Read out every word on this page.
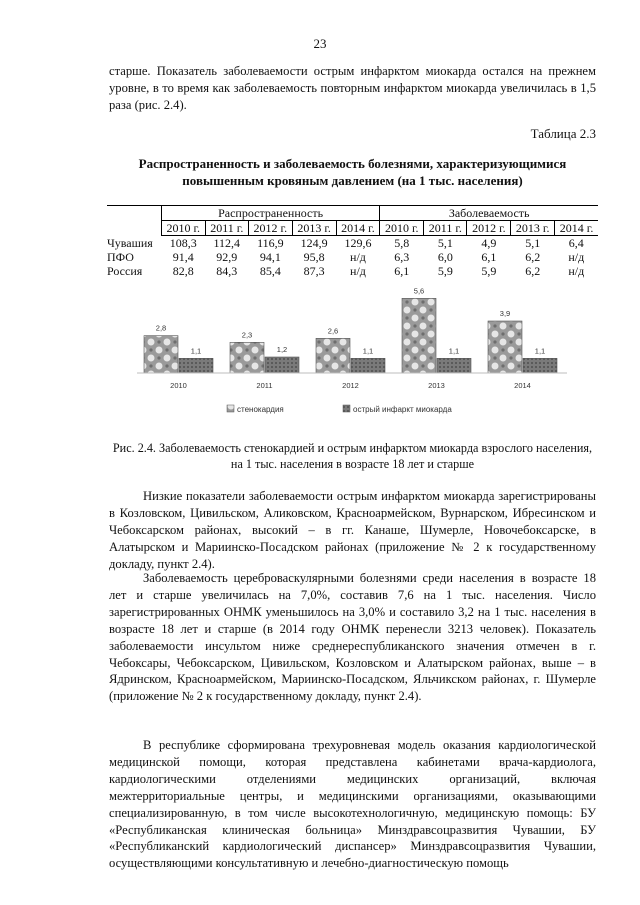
23

старше. Показатель заболеваемости острым инфарктом миокарда остался на прежнем уровне, в то время как заболеваемость повторным инфарктом миокарда увеличилась в 1,5 раза (рис. 2.4).

Таблица 2.3
Распространенность и заболеваемость болезнями, характеризующимися повышенным кровяным давлением (на 1 тыс. населения)
	Распространенность					Заболеваемость				
	2010 г.	2011 г.	2012 г.	2013 г.	2014 г.	2010 г.	2011 г.	2012 г.	2013 г.	2014 г.
Чувашия	108,3	112,4	116,9	124,9	129,6	5,8	5,1	4,9	5,1	6,4
ПФО	91,4	92,9	94,1	95,8	н/д	6,3	6,0	6,1	6,2	н/д
Россия	82,8	84,3	85,4	87,3	н/д	6,1	5,9	5,9	6,2	н/д
2,8
1,1
2,3
1,2
2,6
1,1
5,6
1,1
3,9
1,1
2010	2011	2012	2013	2014
стенокардия	острый инфаркт миокарда
Рис. 2.4. Заболеваемость стенокардией и острым инфарктом миокарда взрослого населения, на 1 тыс. населения в возрасте 18 лет и старше

Низкие показатели заболеваемости острым инфарктом миокарда зарегистрированы в Козловском, Цивильском, Аликовском, Красноармейском, Вурнарском, Ибресинском и Чебоксарском районах, высокий – в гг. Канаше, Шумерле, Новочебоксарске, в Алатырском и Мариинско-Посадском районах (приложение № 2 к государственному докладу, пункт 2.4).

Заболеваемость цереброваскулярными болезнями среди населения в возрасте 18 лет и старше увеличилась на 7,0%, составив 7,6 на 1 тыс. населения. Число зарегистрированных ОНМК уменьшилось на 3,0% и составило 3,2 на 1 тыс. населения в возрасте 18 лет и старше (в 2014 году ОНМК перенесли 3213 человек). Показатель заболеваемости инсультом ниже среднереспубликанского значения отмечен в г. Чебоксары, Чебоксарском, Цивильском, Козловском и Алатырском районах, выше – в Ядринском, Красноармейском, Мариинско-Посадском, Яльчикском районах, г. Шумерле (приложение № 2 к государственному докладу, пункт 2.4).

В республике сформирована трехуровневая модель оказания кардиологической медицинской помощи, которая представлена кабинетами врача-кардиолога, кардиологическими отделениями медицинских организаций, включая межтерриториальные центры, и медицинскими организациями, оказывающими специализированную, в том числе высокотехнологичную, медицинскую помощь: БУ «Республиканская клиническая больница» Минздравсоцразвития Чувашии, БУ «Республиканский кардиологический диспансер» Минздравсоцразвития Чувашии, осуществляющими консультативную и лечебно-диагностическую помощь
